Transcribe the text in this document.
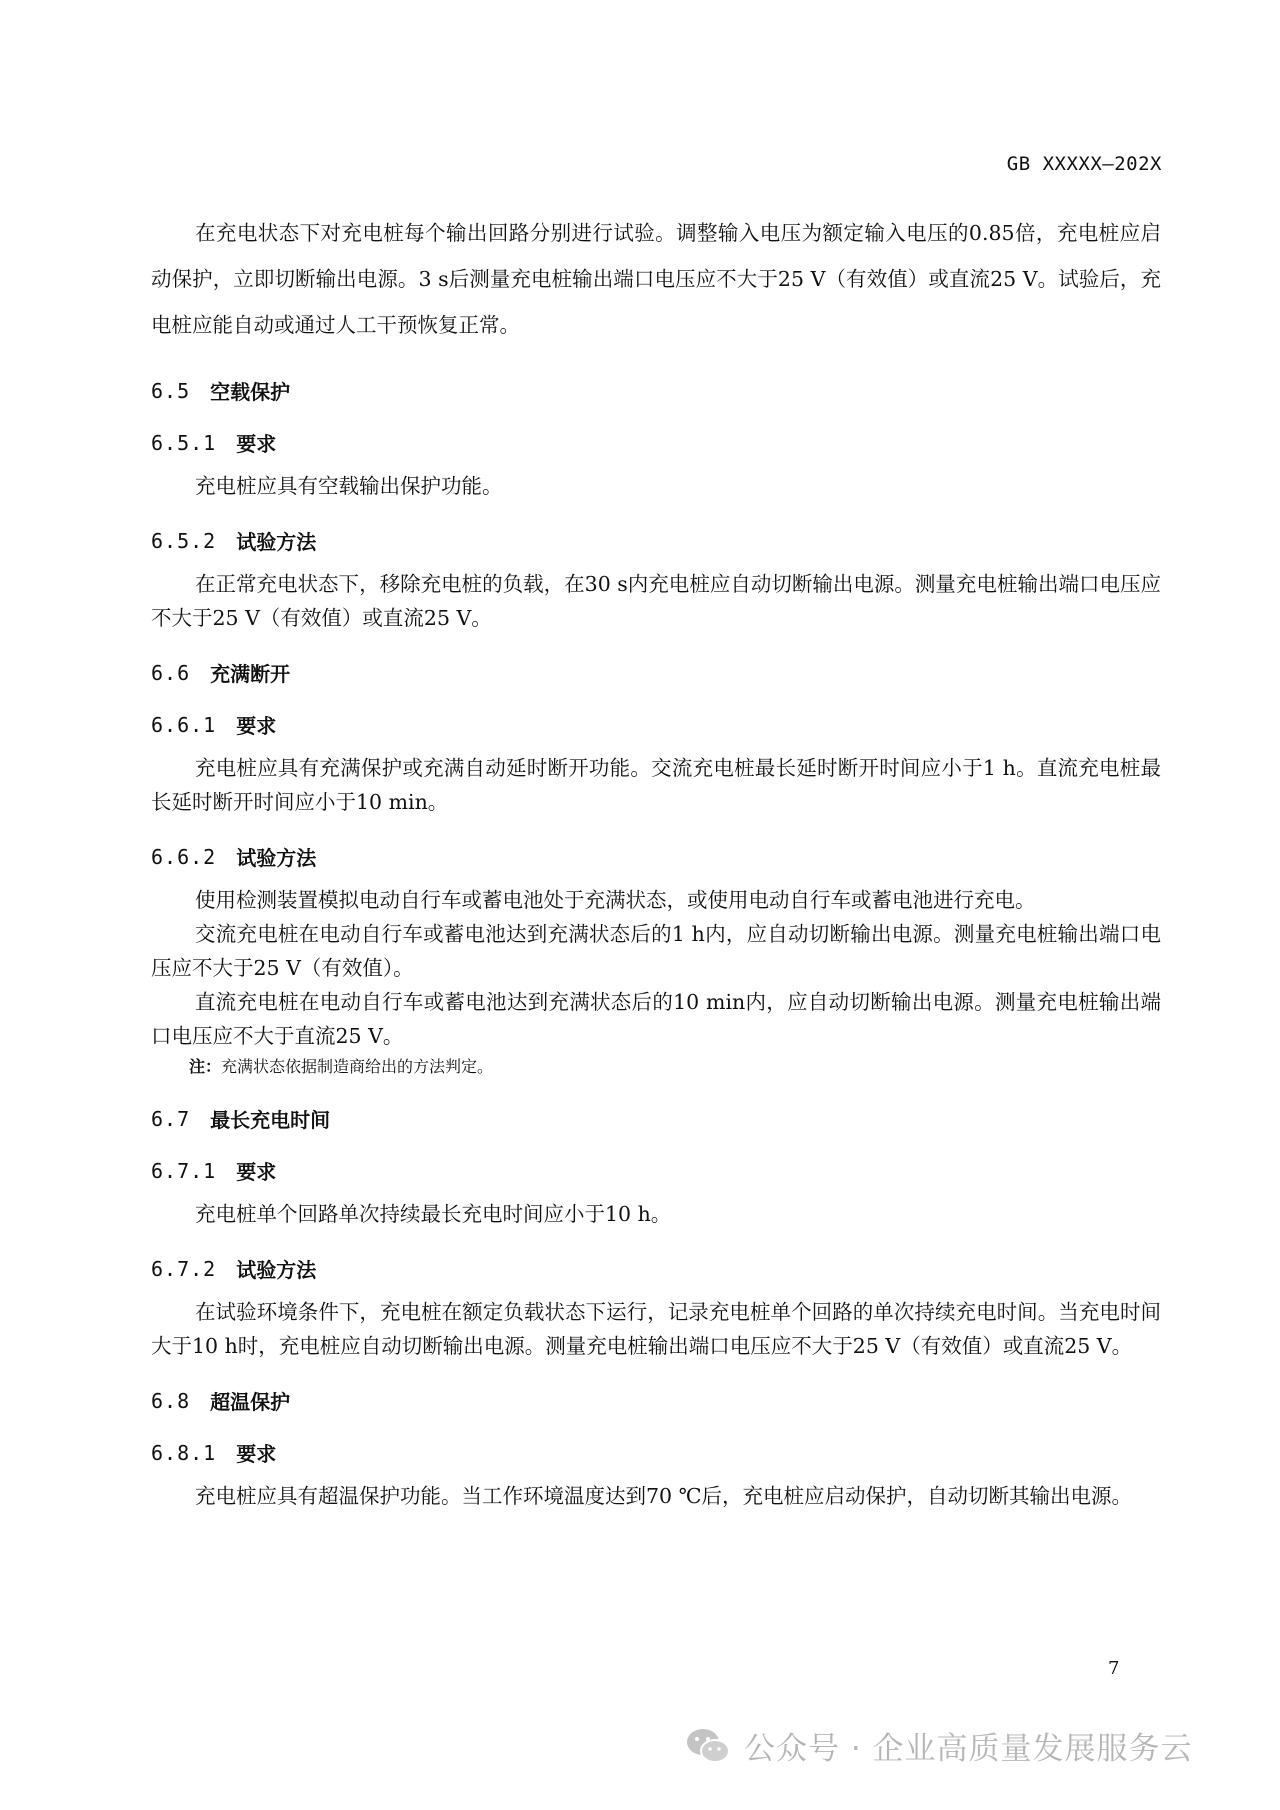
GB XXXXX—202X

在充电状态下对充电桩每个输出回路分别进行试验。调整输入电压为额定输入电压的0.85倍，充电桩应启动保护，立即切断输出电源。3 s后测量充电桩输出端口电压应不大于25 V（有效值）或直流25 V。试验后，充电桩应能自动或通过人工干预恢复正常。

6.5 空载保护
6.5.1 要求

充电桩应具有空载输出保护功能。

6.5.2 试验方法

在正常充电状态下，移除充电桩的负载，在30 s内充电桩应自动切断输出电源。测量充电桩输出端口电压应不大于25 V（有效值）或直流25 V。

6.6 充满断开
6.6.1 要求

充电桩应具有充满保护或充满自动延时断开功能。交流充电桩最长延时断开时间应小于1 h。直流充电桩最长延时断开时间应小于10 min。

6.6.2 试验方法

使用检测装置模拟电动自行车或蓄电池处于充满状态，或使用电动自行车或蓄电池进行充电。

交流充电桩在电动自行车或蓄电池达到充满状态后的1 h内，应自动切断输出电源。测量充电桩输出端口电压应不大于25 V（有效值）。

直流充电桩在电动自行车或蓄电池达到充满状态后的10 min内，应自动切断输出电源。测量充电桩输出端口电压应不大于直流25 V。

注：充满状态依据制造商给出的方法判定。

6.7 最长充电时间
6.7.1 要求

充电桩单个回路单次持续最长充电时间应小于10 h。

6.7.2 试验方法

在试验环境条件下，充电桩在额定负载状态下运行，记录充电桩单个回路的单次持续充电时间。当充电时间大于10 h时，充电桩应自动切断输出电源。测量充电桩输出端口电压应不大于25 V（有效值）或直流25 V。

6.8 超温保护
6.8.1 要求

充电桩应具有超温保护功能。当工作环境温度达到70 ℃后，充电桩应启动保护，自动切断其输出电源。

7
公众号 · 企业高质量发展服务云
